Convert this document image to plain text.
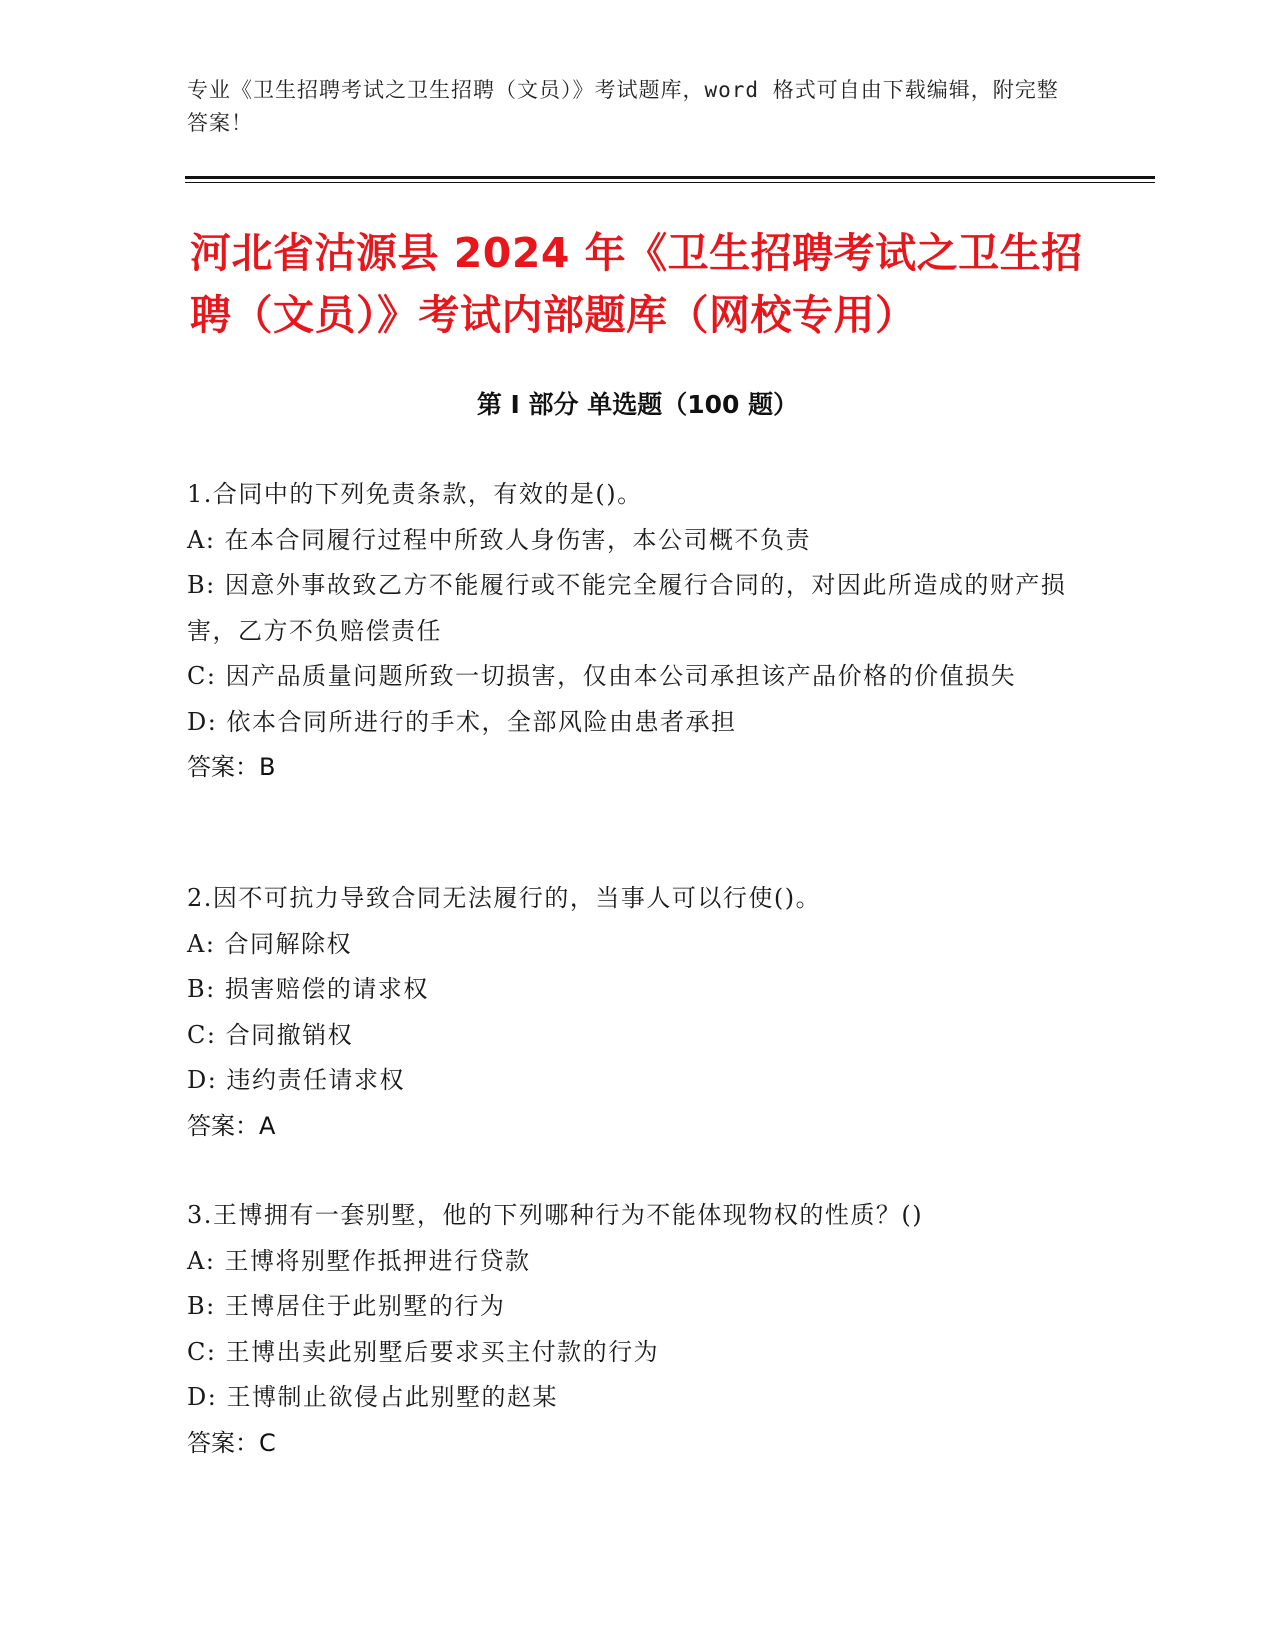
专业《卫生招聘考试之卫生招聘（文员）》考试题库，word 格式可自由下载编辑，附完整答案！
河北省沽源县 2024 年《卫生招聘考试之卫生招聘（文员）》考试内部题库（网校专用）
第 I 部分 单选题（100 题）
1.合同中的下列免责条款，有效的是()。
A: 在本合同履行过程中所致人身伤害，本公司概不负责
B: 因意外事故致乙方不能履行或不能完全履行合同的，对因此所造成的财产损害，乙方不负赔偿责任
C: 因产品质量问题所致一切损害，仅由本公司承担该产品价格的价值损失
D: 依本合同所进行的手术，全部风险由患者承担
答案：B
2.因不可抗力导致合同无法履行的，当事人可以行使()。
A: 合同解除权
B: 损害赔偿的请求权
C: 合同撤销权
D: 违约责任请求权
答案：A
3.王博拥有一套别墅，他的下列哪种行为不能体现物权的性质？()
A: 王博将别墅作抵押进行贷款
B: 王博居住于此别墅的行为
C: 王博出卖此别墅后要求买主付款的行为
D: 王博制止欲侵占此别墅的赵某
答案：C
